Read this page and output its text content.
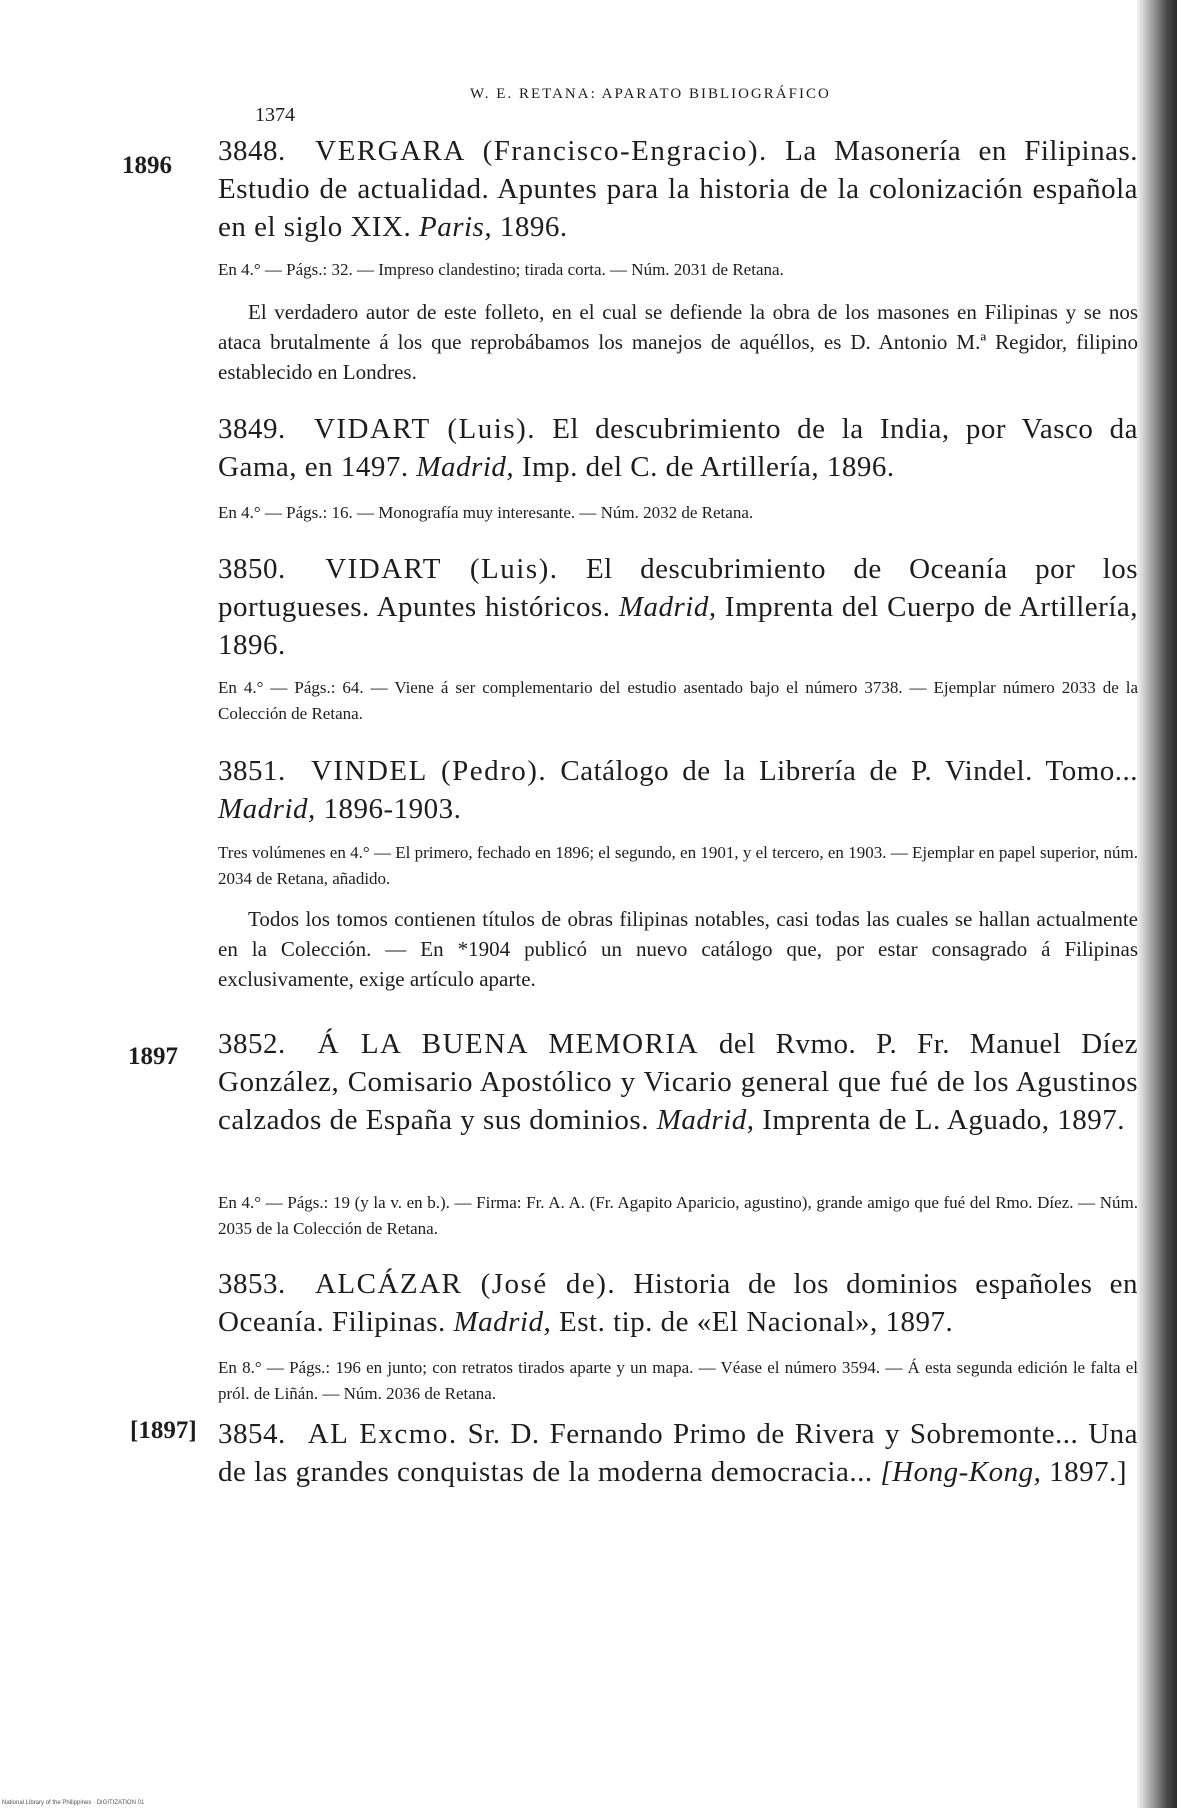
1374
W. E. RETANA: APARATO BIBLIOGRÁFICO
1896 3848. VERGARA (Francisco-Engracio). La Masonería en Filipinas. Estudio de actualidad. Apuntes para la historia de la colonización española en el siglo XIX. Paris, 1896.
En 4.° — Págs.: 32. — Impreso clandestino; tirada corta. — Núm. 2031 de Retana.
El verdadero autor de este folleto, en el cual se defiende la obra de los masones en Filipinas y se nos ataca brutalmente á los que reprobábamos los manejos de aquéllos, es D. Antonio M.ª Regidor, filipino establecido en Londres.
3849. VIDART (Luis). El descubrimiento de la India, por Vasco da Gama, en 1497. Madrid, Imp. del C. de Artillería, 1896.
En 4.° — Págs.: 16. — Monografía muy interesante. — Núm. 2032 de Retana.
3850. VIDART (Luis). El descubrimiento de Oceanía por los portugueses. Apuntes históricos. Madrid, Imprenta del Cuerpo de Artillería, 1896.
En 4.° — Págs.: 64. — Viene á ser complementario del estudio asentado bajo el número 3738. — Ejemplar número 2033 de la Colección de Retana.
3851. VINDEL (Pedro). Catálogo de la Librería de P. Vindel. Tomo... Madrid, 1896-1903.
Tres volúmenes en 4.° — El primero, fechado en 1896; el segundo, en 1901, y el tercero, en 1903. — Ejemplar en papel superior, núm. 2034 de Retana, añadido.
Todos los tomos contienen títulos de obras filipinas notables, casi todas las cuales se hallan actualmente en la Colección. — En *1904 publicó un nuevo catálogo que, por estar consagrado á Filipinas exclusivamente, exige artículo aparte.
1897 3852. Á LA BUENA MEMORIA del Rvmo. P. Fr. Manuel Díez González, Comisario Apostólico y Vicario general que fué de los Agustinos calzados de España y sus dominios. Madrid, Imprenta de L. Aguado, 1897.
En 4.° — Págs.: 19 (y la v. en b.). — Firma: Fr. A. A. (Fr. Agapito Aparicio, agustino), grande amigo que fué del Rmo. Díez. — Núm. 2035 de la Colección de Retana.
3853. ALCÁZAR (José de). Historia de los dominios españoles en Oceanía. Filipinas. Madrid, Est. tip. de «El Nacional», 1897.
En 8.° — Págs.: 196 en junto; con retratos tirados aparte y un mapa. — Véase el número 3594. — Á esta segunda edición le falta el pról. de Liñán. — Núm. 2036 de Retana.
[1897] 3854. AL Excmo. Sr. D. Fernando Primo de Rivera y Sobremonte... Una de las grandes conquistas de la moderna democracia... [Hong-Kong, 1897.]
National Library of the Philippines · DIGITIZATION 01
